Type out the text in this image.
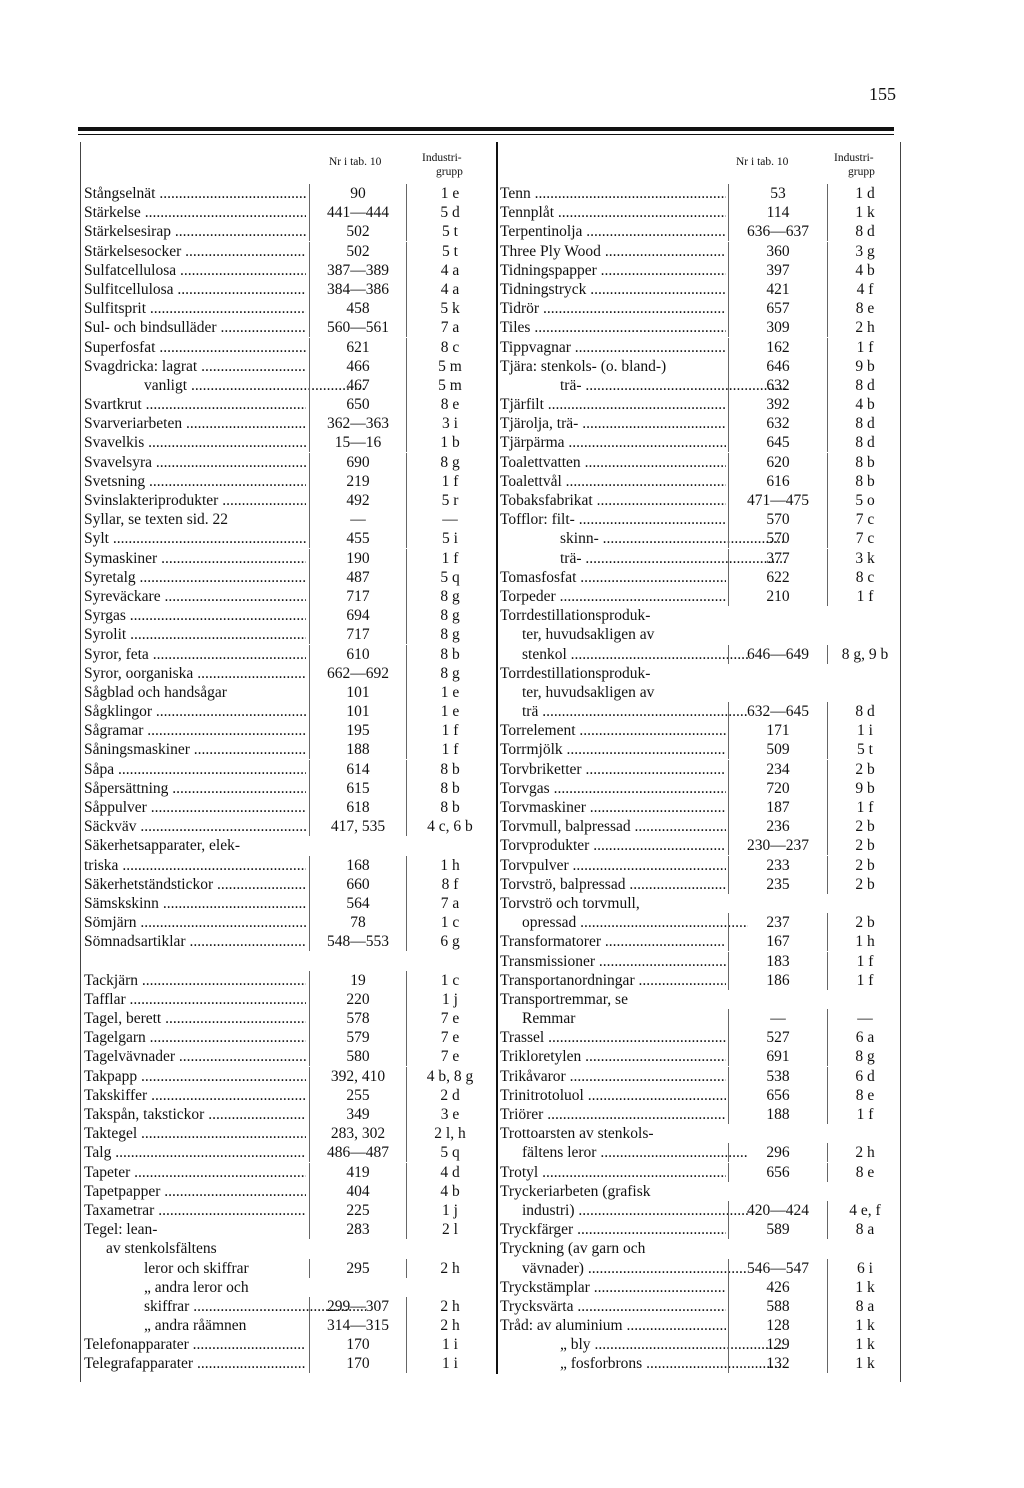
155
Nr i tab. 10	Industri-
grupp
Stångselnät .....	90	1 e
Stärkelse .....	441—444	5 d
Stärkelsesirap .....	502	5 t
Stärkelsesocker .....	502	5 t
Sulfatcellulosa .....	387—389	4 a
Sulfitcellulosa .....	384—386	4 a
Sulfitsprit .....	458	5 k
Sul- och bindsulläder .....	560—561	7 a
Superfosfat .....	621	8 c
Svagdricka: lagrat .....	466	5 m
vanligt .....	467	5 m
Svartkrut .....	650	8 e
Svarveriarbeten .....	362—363	3 i
Svavelkis .....	15—16	1 b
Svavelsyra .....	690	8 g
Svetsning .....	219	1 f
Svinslakteriprodukter .....	492	5 r
Syllar, se texten sid. 22	—	—
Sylt .....	455	5 i
Symaskiner .....	190	1 f
Syretalg .....	487	5 q
Syreväckare .....	717	8 g
Syrgas .....	694	8 g
Syrolit .....	717	8 g
Syror, feta .....	610	8 b
Syror, oorganiska .....	662—692	8 g
Sågblad och handsågar	101	1 e
Sågklingor .....	101	1 e
Sågramar .....	195	1 f
Såningsmaskiner .....	188	1 f
Såpa .....	614	8 b
Såpersättning .....	615	8 b
Såppulver .....	618	8 b
Säckväv .....	417, 535	4 c, 6 b
Säkerhetsapparater, elek-
triska .....	168	1 h
Säkerhetständstickor .....	660	8 f
Sämskskinn .....	564	7 a
Sömjärn .....	78	1 c
Sömnadsartiklar .....	548—553	6 g
Tackjärn .....	19	1 c
Tafflar .....	220	1 j
Tagel, berett .....	578	7 e
Tagelgarn .....	579	7 e
Tagelvävnader .....	580	7 e
Takpapp .....	392, 410	4 b, 8 g
Takskiffer .....	255	2 d
Takspån, takstickor .....	349	3 e
Taktegel .....	283, 302	2 l, h
Talg .....	486—487	5 q
Tapeter .....	419	4 d
Tapetpapper .....	404	4 b
Taxametrar .....	225	1 j
Tegel: lean-	283	2 l
av stenkolsfältens
leror och skiffrar	295	2 h
„ andra leror och
skiffrar .....	299—307	2 h
„ andra råämnen	314—315	2 h
Telefonapparater .....	170	1 i
Telegrafapparater .....	170	1 i
Nr i tab. 10	Industri-
grupp
Tenn .....	53	1 d
Tennplåt .....	114	1 k
Terpentinolja .....	636—637	8 d
Three Ply Wood .....	360	3 g
Tidningspapper .....	397	4 b
Tidningstryck .....	421	4 f
Tidrör .....	657	8 e
Tiles .....	309	2 h
Tippvagnar .....	162	1 f
Tjära: stenkols- (o. bland-)	646	9 b
trä- .....	632	8 d
Tjärfilt .....	392	4 b
Tjärolja, trä- .....	632	8 d
Tjärpärma .....	645	8 d
Toalettvatten .....	620	8 b
Toalettvål .....	616	8 b
Tobaksfabrikat .....	471—475	5 o
Tofflor: filt- .....	570	7 c
skinn- .....	570	7 c
trä- .....	377	3 k
Tomasfosfat .....	622	8 c
Torpeder .....	210	1 f
Torrdestillationsproduk-
ter, huvudsakligen av
stenkol .....	646—649	8 g, 9 b
Torrdestillationsproduk-
ter, huvudsakligen av
trä .....	632—645	8 d
Torrelement .....	171	1 i
Torrmjölk .....	509	5 t
Torvbriketter .....	234	2 b
Torvgas .....	720	9 b
Torvmaskiner .....	187	1 f
Torvmull, balpressad .....	236	2 b
Torvprodukter .....	230—237	2 b
Torvpulver .....	233	2 b
Torvströ, balpressad .....	235	2 b
Torvströ och torvmull,
opressad .....	237	2 b
Transformatorer .....	167	1 h
Transmissioner .....	183	1 f
Transportanordningar .....	186	1 f
Transportremmar, se
Remmar	—	—
Trassel .....	527	6 a
Trikloretylen .....	691	8 g
Trikåvaror .....	538	6 d
Trinitrotoluol .....	656	8 e
Triörer .....	188	1 f
Trottoarsten av stenkols-
fältens leror .....	296	2 h
Trotyl .....	656	8 e
Tryckeriarbeten (grafisk
industri) .....	420—424	4 e, f
Tryckfärger .....	589	8 a
Tryckning (av garn och
vävnader) .....	546—547	6 i
Tryckstämplar .....	426	1 k
Trycksvärta .....	588	8 a
Tråd: av aluminium .....	128	1 k
„ bly .....	129	1 k
„ fosforbrons .....	132	1 k
